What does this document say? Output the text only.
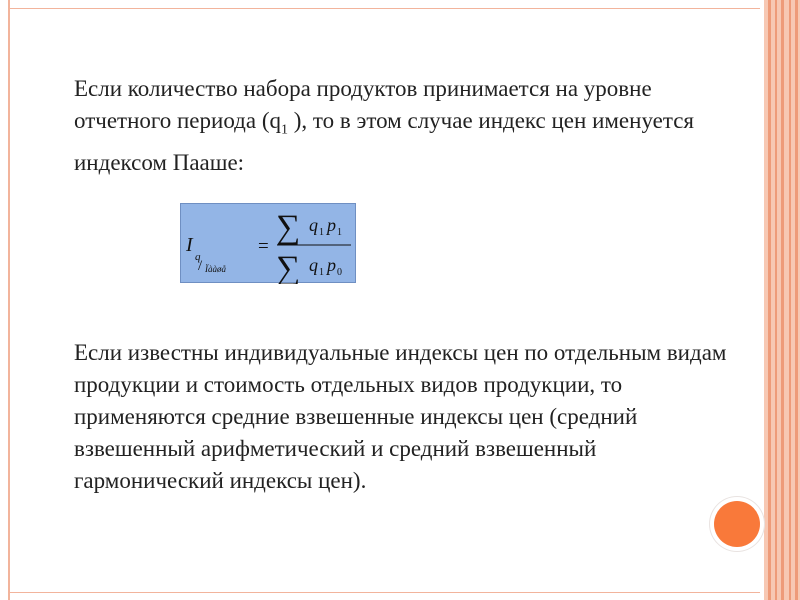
Если количество набора продуктов принимается на уровне отчетного периода ($q_1$ ), то в этом случае индекс цен именуется индексом Пааше:

I
q
/ Ïààøå
=
∑ q 1 p 1
∑ q 1 p 0

Если известны индивидуальные индексы цен по отдельным видам продукции и стоимость отдельных видов продукции, то применяются средние взвешенные индексы цен (средний взвешенный арифметический и средний взвешенный гармонический индексы цен).
